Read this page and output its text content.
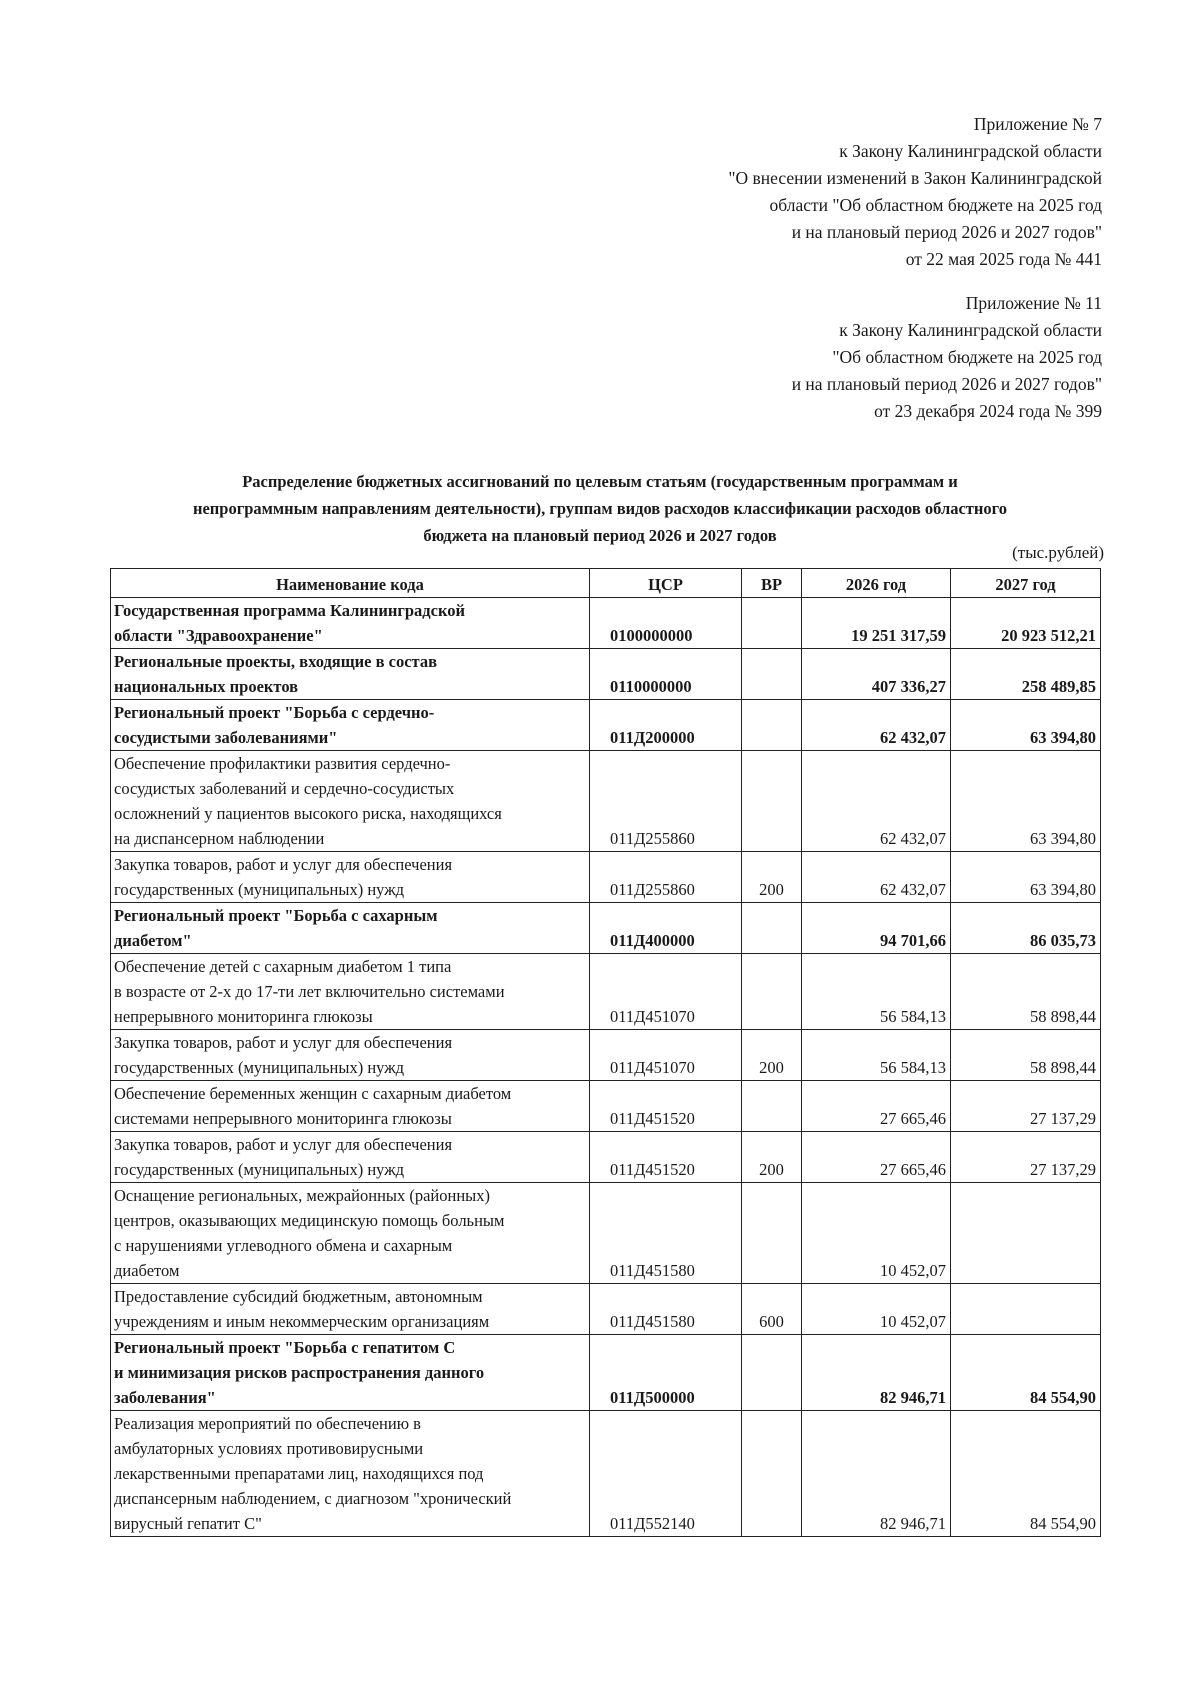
Приложение № 7
к Закону Калининградской области
"О внесении изменений в Закон Калининградской
области "Об областном бюджете на 2025 год
и на плановый период 2026 и 2027 годов"
от 22 мая 2025 года № 441
Приложение № 11
к Закону Калининградской области
"Об областном бюджете на 2025 год
и на плановый период 2026 и 2027 годов"
от 23 декабря 2024 года № 399
Распределение бюджетных ассигнований по целевым статьям (государственным программам и
непрограммным направлениям деятельности), группам видов расходов классификации расходов областного
бюджета на плановый период 2026 и 2027 годов
(тыс.рублей)
Наименование кода	ЦСР	ВР	2026 год	2027 год

Государственная программа Калининградской
области "Здравоохранение"	0100000000		19 251 317,59	20 923 512,21

Региональные проекты, входящие в состав
национальных проектов	0110000000		407 336,27	258 489,85

Региональный проект "Борьба с сердечно-
сосудистыми заболеваниями"	011Д200000		62 432,07	63 394,80

Обеспечение профилактики развития сердечно-
сосудистых заболеваний и сердечно-сосудистых
осложнений у пациентов высокого риска, находящихся
на диспансерном наблюдении	011Д255860		62 432,07	63 394,80

Закупка товаров, работ и услуг для обеспечения
государственных (муниципальных) нужд	011Д255860	200	62 432,07	63 394,80

Региональный проект "Борьба с сахарным
диабетом"	011Д400000		94 701,66	86 035,73

Обеспечение детей с сахарным диабетом 1 типа
в возрасте от 2-х до 17-ти лет включительно системами
непрерывного мониторинга глюкозы	011Д451070		56 584,13	58 898,44

Закупка товаров, работ и услуг для обеспечения
государственных (муниципальных) нужд	011Д451070	200	56 584,13	58 898,44

Обеспечение беременных женщин с сахарным диабетом
системами непрерывного мониторинга глюкозы	011Д451520		27 665,46	27 137,29

Закупка товаров, работ и услуг для обеспечения
государственных (муниципальных) нужд	011Д451520	200	27 665,46	27 137,29

Оснащение региональных, межрайонных (районных)
центров, оказывающих медицинскую помощь больным
с нарушениями углеводного обмена и сахарным
диабетом	011Д451580		10 452,07	

Предоставление субсидий бюджетным, автономным
учреждениям и иным некоммерческим организациям	011Д451580	600	10 452,07	

Региональный проект "Борьба с гепатитом С
и минимизация рисков распространения данного
заболевания"	011Д500000		82 946,71	84 554,90

Реализация мероприятий по обеспечению в
амбулаторных условиях противовирусными
лекарственными препаратами лиц, находящихся под
диспансерным наблюдением, с диагнозом "хронический
вирусный гепатит С"	011Д552140		82 946,71	84 554,90
